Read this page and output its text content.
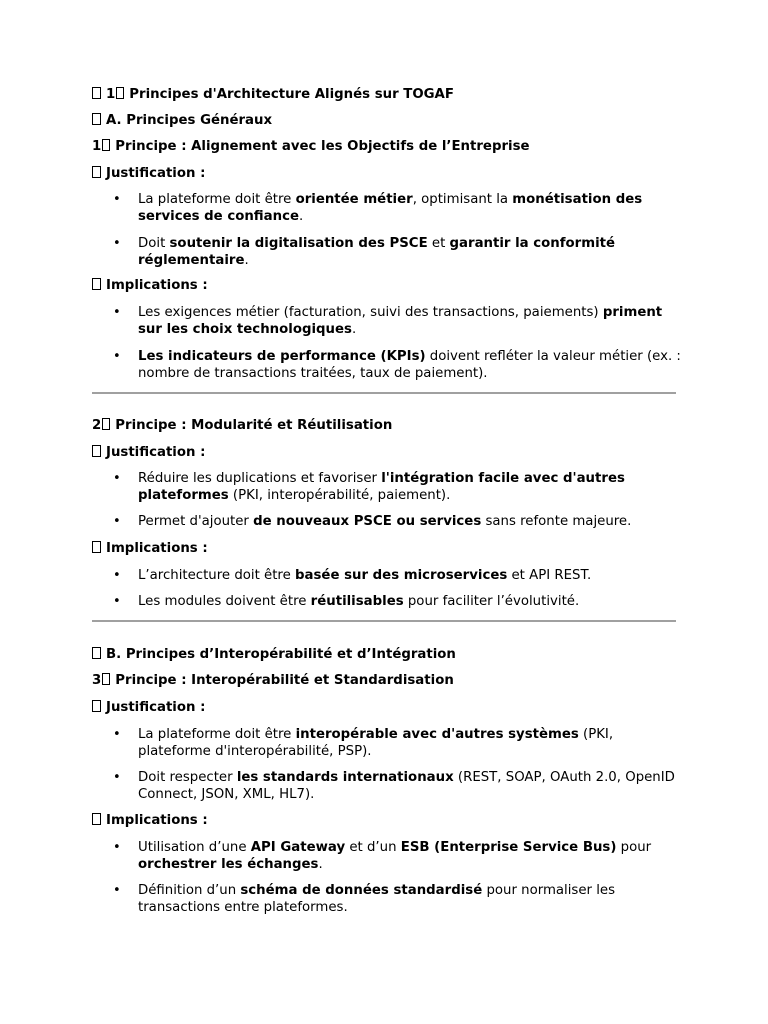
1 Principes d'Architecture Alignés sur TOGAF
A. Principes Généraux
1 Principe : Alignement avec les Objectifs de l’Entreprise
Justification :
• La plateforme doit être orientée métier, optimisant la monétisation des services de confiance.
• Doit soutenir la digitalisation des PSCE et garantir la conformité réglementaire.
Implications :
• Les exigences métier (facturation, suivi des transactions, paiements) priment sur les choix technologiques.
• Les indicateurs de performance (KPIs) doivent refléter la valeur métier (ex. : nombre de transactions traitées, taux de paiement).
2 Principe : Modularité et Réutilisation
Justification :
• Réduire les duplications et favoriser l'intégration facile avec d'autres plateformes (PKI, interopérabilité, paiement).
• Permet d'ajouter de nouveaux PSCE ou services sans refonte majeure.
Implications :
• L’architecture doit être basée sur des microservices et API REST.
• Les modules doivent être réutilisables pour faciliter l’évolutivité.
B. Principes d’Interopérabilité et d’Intégration
3 Principe : Interopérabilité et Standardisation
Justification :
• La plateforme doit être interopérable avec d'autres systèmes (PKI, plateforme d'interopérabilité, PSP).
• Doit respecter les standards internationaux (REST, SOAP, OAuth 2.0, OpenID Connect, JSON, XML, HL7).
Implications :
• Utilisation d’une API Gateway et d’un ESB (Enterprise Service Bus) pour orchestrer les échanges.
• Définition d’un schéma de données standardisé pour normaliser les transactions entre plateformes.
